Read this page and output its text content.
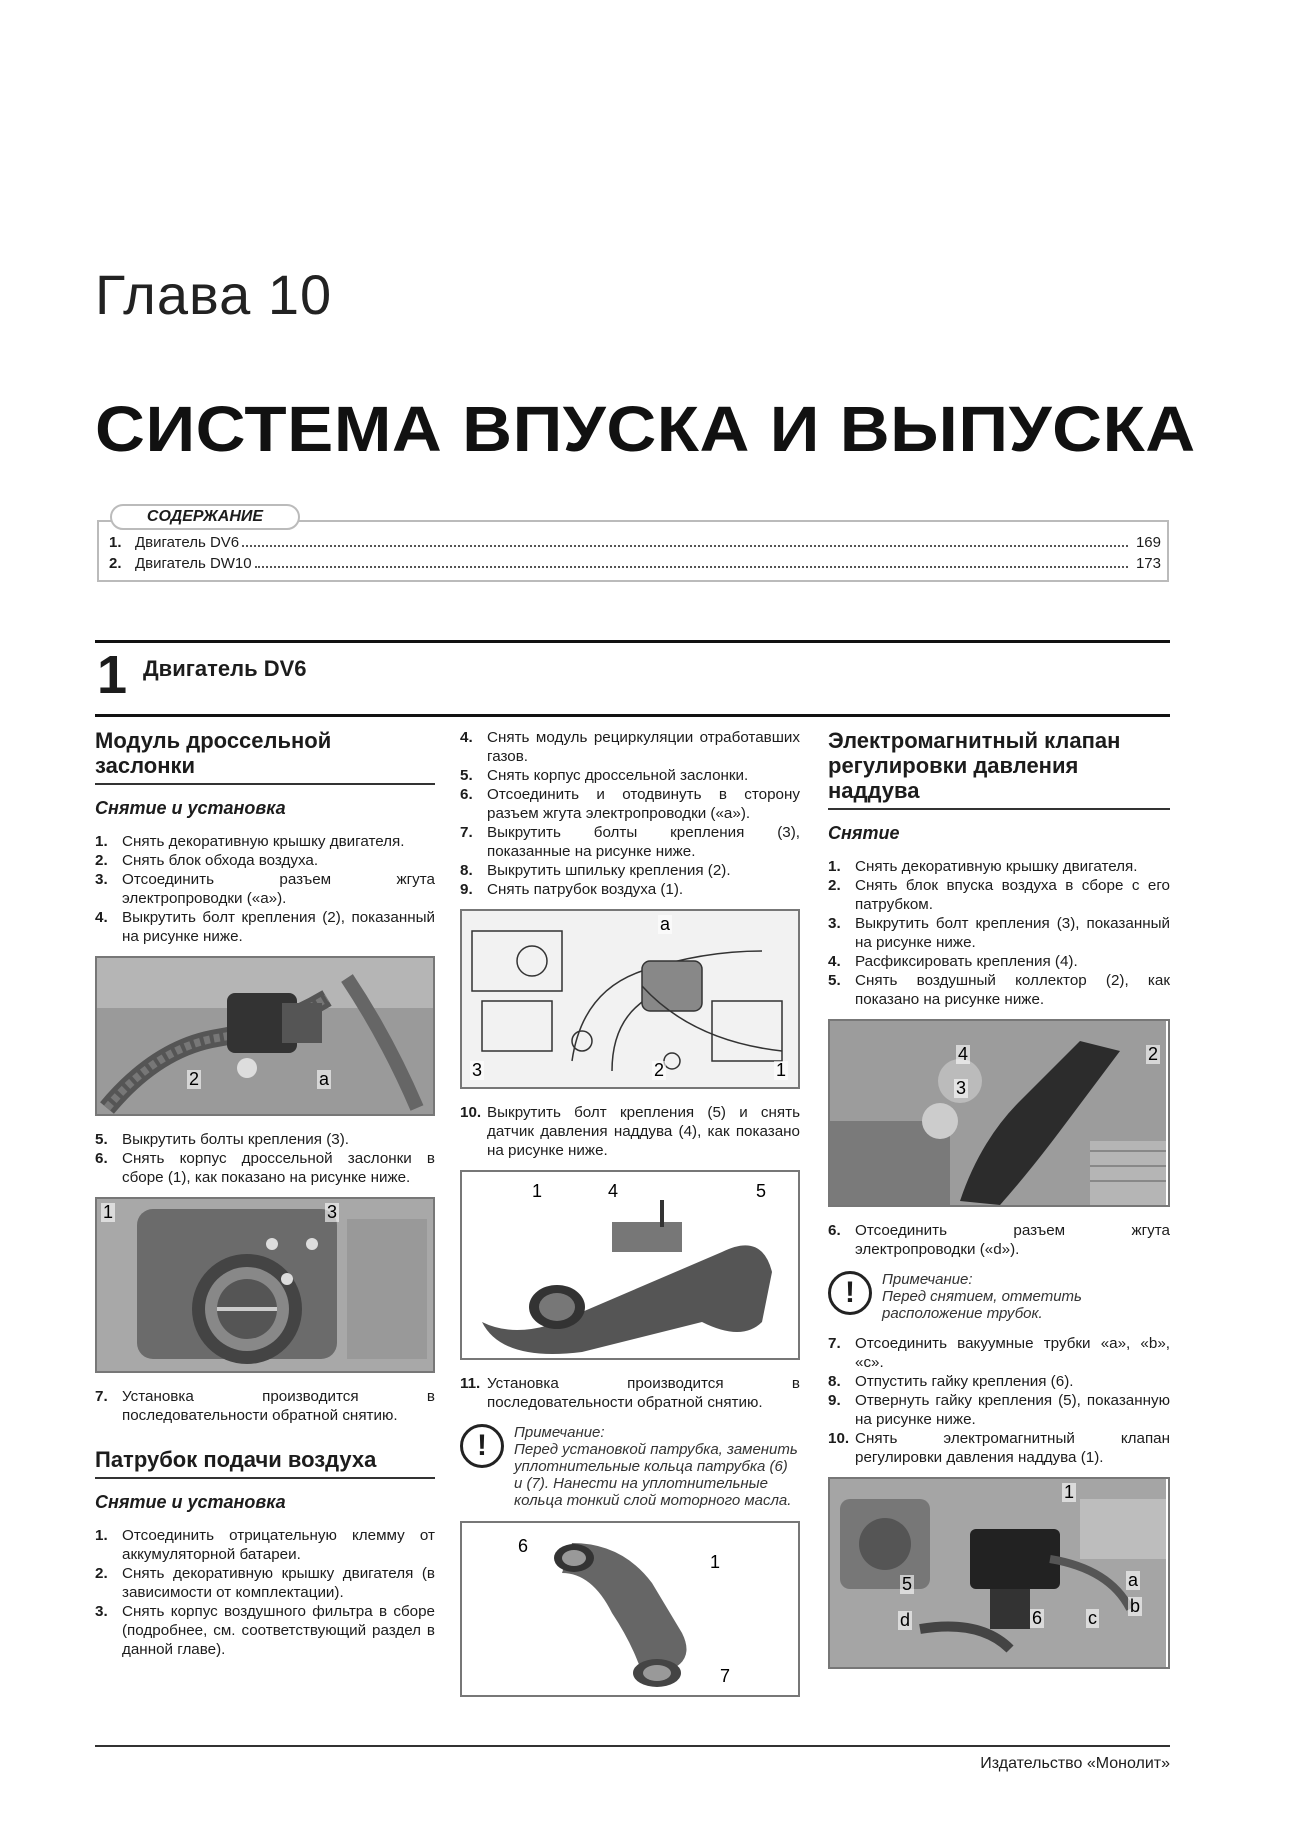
Глава 10
СИСТЕМА ВПУСКА И ВЫПУСКА
СОДЕРЖАНИЕ
1. Двигатель DV6	169
2. Двигатель DW10	173
1 Двигатель DV6
Модуль дроссельной заслонки
Снятие и установка
1. Снять декоративную крышку двигателя.
2. Снять блок обхода воздуха.
3. Отсоединить разъем жгута электропроводки («а»).
4. Выкрутить болт крепления (2), показанный на рисунке ниже.
2	a
5. Выкрутить болты крепления (3).
6. Снять корпус дроссельной заслонки в сборе (1), как показано на рисунке ниже.
1	3
7. Установка производится в последовательности обратной снятию.
Патрубок подачи воздуха
Снятие и установка
1. Отсоединить отрицательную клемму от аккумуляторной батареи.
2. Снять декоративную крышку двигателя (в зависимости от комплектации).
3. Снять корпус воздушного фильтра в сборе (подробнее, см. соответствующий раздел в данной главе).
4. Снять модуль рециркуляции отработавших газов.
5. Снять корпус дроссельной заслонки.
6. Отсоединить и отодвинуть в сторону разъем жгута электропроводки («а»).
7. Выкрутить болты крепления (3), показанные на рисунке ниже.
8. Выкрутить шпильку крепления (2).
9. Снять патрубок воздуха (1).
a
3	2	1
10. Выкрутить болт крепления (5) и снять датчик давления наддува (4), как показано на рисунке ниже.
1	4	5
11. Установка производится в последовательности обратной снятию.
!	Примечание:
Перед установкой патрубка, заменить уплотнительные кольца патрубка (6) и (7). Нанести на уплотнительные кольца тонкий слой моторного масла.
6
1
7
Электромагнитный клапан регулировки давления наддува
Снятие
1. Снять декоративную крышку двигателя.
2. Снять блок впуска воздуха в сборе с его патрубком.
3. Выкрутить болт крепления (3), показанный на рисунке ниже.
4. Расфиксировать крепления (4).
5. Снять воздушный коллектор (2), как показано на рисунке ниже.
4
3
2
6. Отсоединить разъем жгута электропроводки («d»).
!	Примечание:
Перед снятием, отметить расположение трубок.
7. Отсоединить вакуумные трубки «а», «b», «c».
8. Отпустить гайку крепления (6).
9. Отвернуть гайку крепления (5), показанную на рисунке ниже.
10. Снять электромагнитный клапан регулировки давления наддува (1).
1
a
5
6	c
b
d
Издательство «Монолит»
